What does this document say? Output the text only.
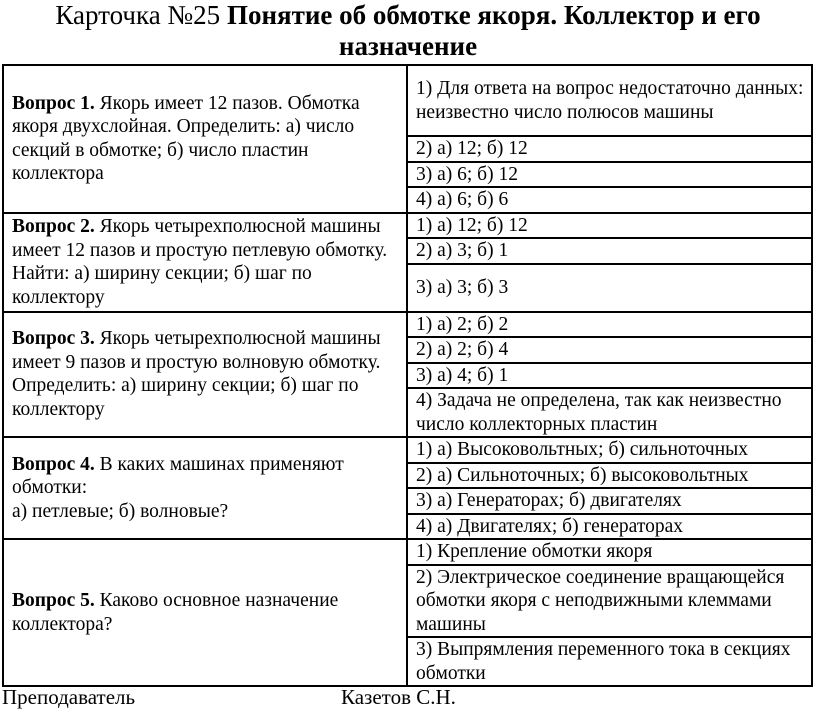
Карточка №25 Понятие об обмотке якоря. Коллектор и его назначение
Вопрос 1. Якорь имеет 12 пазов. Обмотка якоря двухслойная. Определить: а) число секций в обмотке; б) число пластин коллектора	1) Для ответа на вопрос недостаточно данных: неизвестно число полюсов машины
	2) а) 12; б) 12
	3) а) 6; б) 12
	4) а) 6; б) 6
Вопрос 2. Якорь четырехполюсной машины имеет 12 пазов и простую петлевую обмотку. Найти: а) ширину секции; б) шаг по коллектору	1) а) 12; б) 12
	2) а) 3; б) 1
	3) а) 3; б) 3
Вопрос 3. Якорь четырехполюсной машины имеет 9 пазов и простую волновую обмотку. Определить: а) ширину секции; б) шаг по коллектору	1) а) 2; б) 2
	2) а) 2; б) 4
	3) а) 4; б) 1
	4) Задача не определена, так как неизвестно число коллекторных пластин
Вопрос 4. В каких машинах применяют обмотки:
а) петлевые; б) волновые?	1) а) Высоковольтных; б) сильноточных
	2) а) Сильноточных; б) высоковольтных
	3) а) Генераторах; б) двигателях
	4) а) Двигателях; б) генераторах
Вопрос 5. Каково основное назначение коллектора?	1) Крепление обмотки якоря
	2) Электрическое соединение вращающейся обмотки якоря с неподвижными клеммами машины
	3) Выпрямления переменного тока в секциях обмотки
Преподаватель	Казетов С.Н.
